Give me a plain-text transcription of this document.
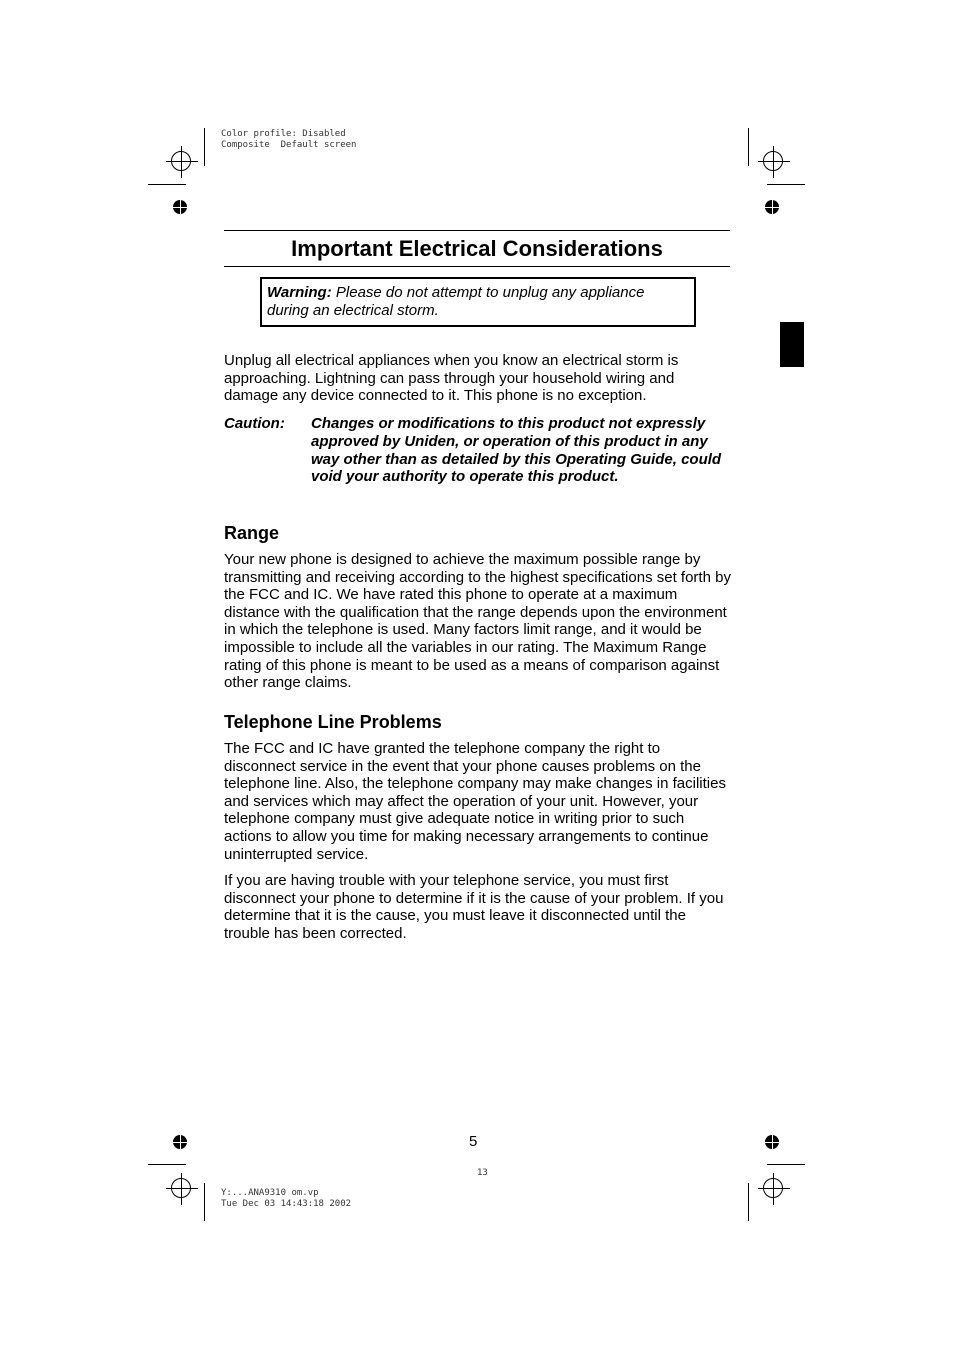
Color profile: Disabled
Composite  Default screen
Y:...ANA9310 om.vp
Tue Dec 03 14:43:18 2002
13
Important Electrical Considerations
Warning: Please do not attempt to unplug any appliance during an electrical storm.

Unplug all electrical appliances when you know an electrical storm is approaching. Lightning can pass through your household wiring and damage any device connected to it. This phone is no exception.

Caution: Changes or modifications to this product not expressly approved by Uniden, or operation of this product in any way other than as detailed by this Operating Guide, could void your authority to operate this product.
Range

Your new phone is designed to achieve the maximum possible range by transmitting and receiving according to the highest specifications set forth by the FCC and IC. We have rated this phone to operate at a maximum distance with the qualification that the range depends upon the environment in which the telephone is used. Many factors limit range, and it would be impossible to include all the variables in our rating. The Maximum Range rating of this phone is meant to be used as a means of comparison against other range claims.

Telephone Line Problems

The FCC and IC have granted the telephone company the right to disconnect service in the event that your phone causes problems on the telephone line. Also, the telephone company may make changes in facilities and services which may affect the operation of your unit. However, your telephone company must give adequate notice in writing prior to such actions to allow you time for making necessary arrangements to continue uninterrupted service.

If you are having trouble with your telephone service, you must first disconnect your phone to determine if it is the cause of your problem. If you determine that it is the cause, you must leave it disconnected until the trouble has been corrected.

5
